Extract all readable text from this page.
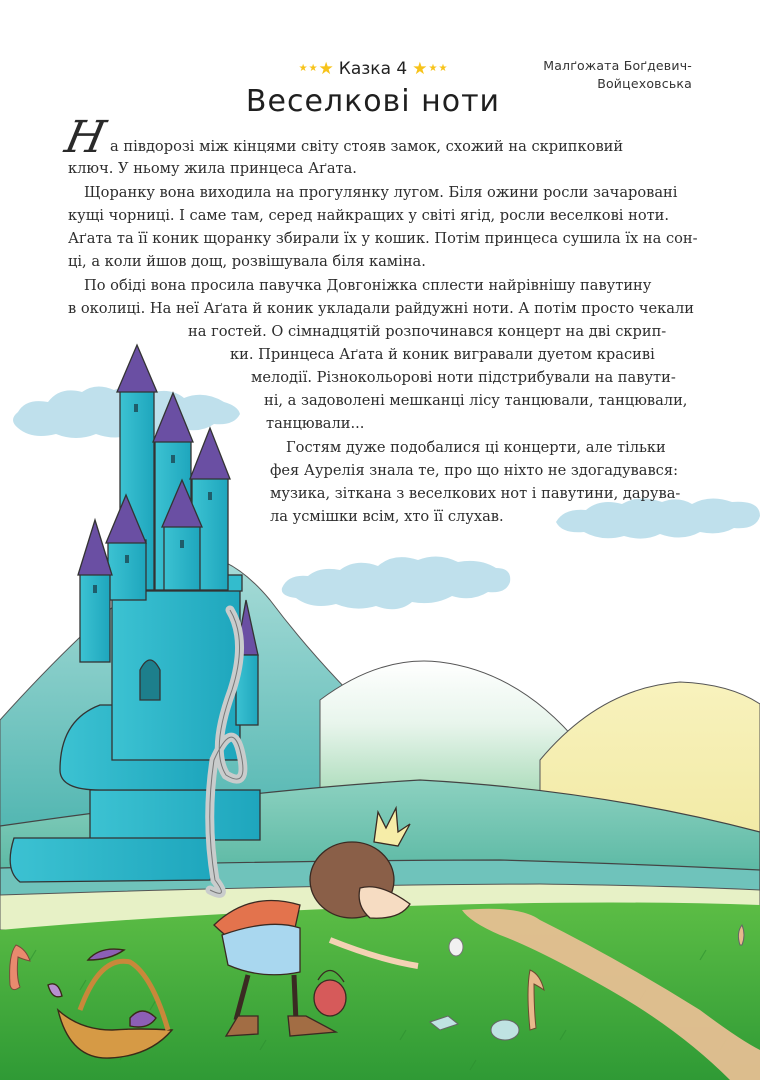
★ ★ ★ Казка 4 ★ ★ ★	Малґожата Боґдевич-
Войцеховська
Веселкові ноти
Н а півдорозі між кінцями світу стояв замок, схожий на скрипковий
ключ. У ньому жила принцеса Аґата.
Щоранку вона виходила на прогулянку лугом. Біля ожини росли зачаровані
кущі чорниці. І саме там, серед найкращих у світі ягід, росли веселкові ноти.
Аґата та її коник щоранку збирали їх у кошик. Потім принцеса сушила їх на сон-
ці, а коли йшов дощ, розвішувала біля каміна.
По обіді вона просила павучка Довгоніжка сплести найрівнішу павутину
в околиці. На неї Аґата й коник укладали райдужні ноти. А потім просто чекали
на гостей. О сімнадцятій розпочинався концерт на дві скрип-
ки. Принцеса Аґата й коник вигравали дуетом красиві
мелодії. Різнокольорові ноти підстрибували на павути-
ні, а задоволені мешканці лісу танцювали, танцювали,
танцювали...
Гостям дуже подобалися ці концерти, але тільки
фея Аурелія знала те, про що ніхто не здогадувався:
музика, зіткана з веселкових нот і павутини, дарува-
ла усмішки всім, хто її слухав.
